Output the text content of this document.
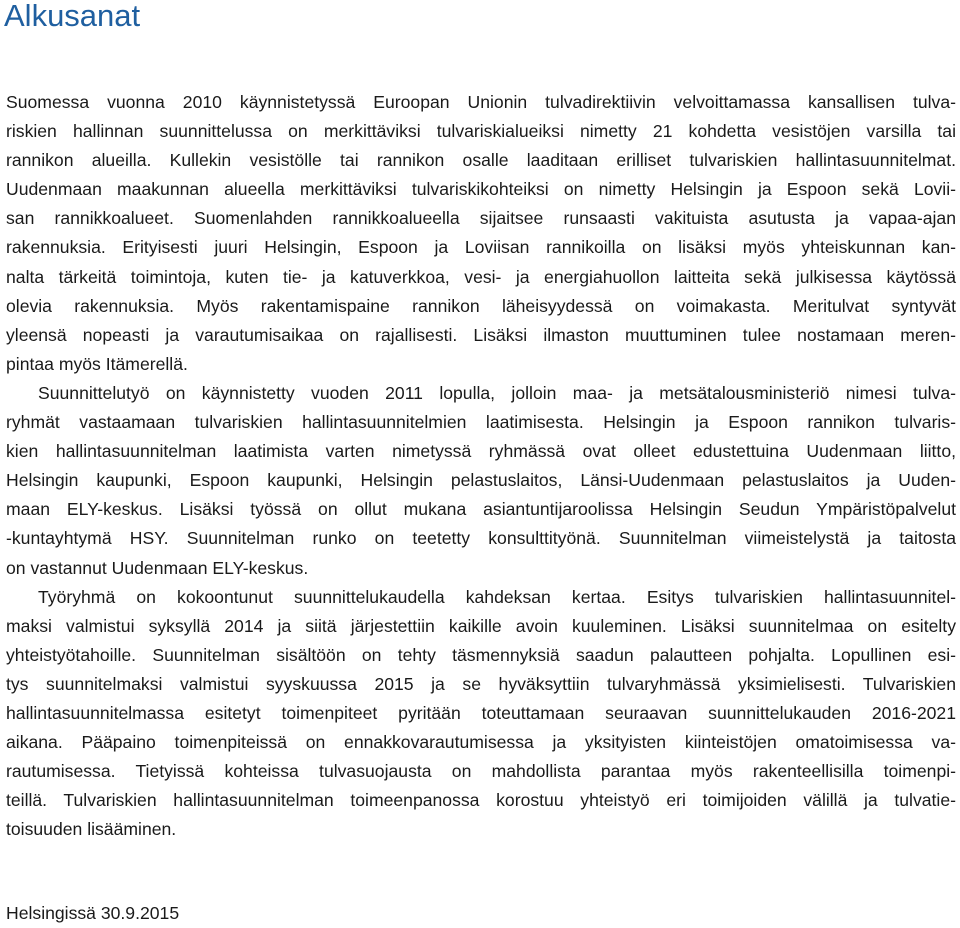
Alkusanat
Suomessa vuonna 2010 käynnistetyssä Euroopan Unionin tulvadirektiivin velvoittamassa kansallisen tulva-
riskien hallinnan suunnittelussa on merkittäviksi tulvariskialueiksi nimetty 21 kohdetta vesistöjen varsilla tai
rannikon alueilla. Kullekin vesistölle tai rannikon osalle laaditaan erilliset tulvariskien hallintasuunnitelmat.
Uudenmaan maakunnan alueella merkittäviksi tulvariskikohteiksi on nimetty Helsingin ja Espoon sekä Lovii-
san rannikkoalueet. Suomenlahden rannikkoalueella sijaitsee runsaasti vakituista asutusta ja vapaa-ajan
rakennuksia. Erityisesti juuri Helsingin, Espoon ja Loviisan rannikoilla on lisäksi myös yhteiskunnan kan-
nalta tärkeitä toimintoja, kuten tie- ja katuverkkoa, vesi- ja energiahuollon laitteita sekä julkisessa käytössä
olevia rakennuksia. Myös rakentamispaine rannikon läheisyydessä on voimakasta. Meritulvat syntyvät
yleensä nopeasti ja varautumisaikaa on rajallisesti. Lisäksi ilmaston muuttuminen tulee nostamaan meren-
pintaa myös Itämerellä.
Suunnittelutyö on käynnistetty vuoden 2011 lopulla, jolloin maa- ja metsätalousministeriö nimesi tulva-
ryhmät vastaamaan tulvariskien hallintasuunnitelmien laatimisesta. Helsingin ja Espoon rannikon tulvaris-
kien hallintasuunnitelman laatimista varten nimetyssä ryhmässä ovat olleet edustettuina Uudenmaan liitto,
Helsingin kaupunki, Espoon kaupunki, Helsingin pelastuslaitos, Länsi-Uudenmaan pelastuslaitos ja Uuden-
maan ELY-keskus. Lisäksi työssä on ollut mukana asiantuntijaroolissa Helsingin Seudun Ympäristöpalvelut
-kuntayhtymä HSY. Suunnitelman runko on teetetty konsulttityönä. Suunnitelman viimeistelystä ja taitosta
on vastannut Uudenmaan ELY-keskus.
Työryhmä on kokoontunut suunnittelukaudella kahdeksan kertaa. Esitys tulvariskien hallintasuunnitel-
maksi valmistui syksyllä 2014 ja siitä järjestettiin kaikille avoin kuuleminen. Lisäksi suunnitelmaa on esitelty
yhteistyötahoille. Suunnitelman sisältöön on tehty täsmennyksiä saadun palautteen pohjalta. Lopullinen esi-
tys suunnitelmaksi valmistui syyskuussa 2015 ja se hyväksyttiin tulvaryhmässä yksimielisesti. Tulvariskien
hallintasuunnitelmassa esitetyt toimenpiteet pyritään toteuttamaan seuraavan suunnittelukauden 2016-2021
aikana. Pääpaino toimenpiteissä on ennakkovarautumisessa ja yksityisten kiinteistöjen omatoimisessa va-
rautumisessa. Tietyissä kohteissa tulvasuojausta on mahdollista parantaa myös rakenteellisilla toimenpi-
teillä. Tulvariskien hallintasuunnitelman toimeenpanossa korostuu yhteistyö eri toimijoiden välillä ja tulvatie-
toisuuden lisääminen.
Helsingissä 30.9.2015
